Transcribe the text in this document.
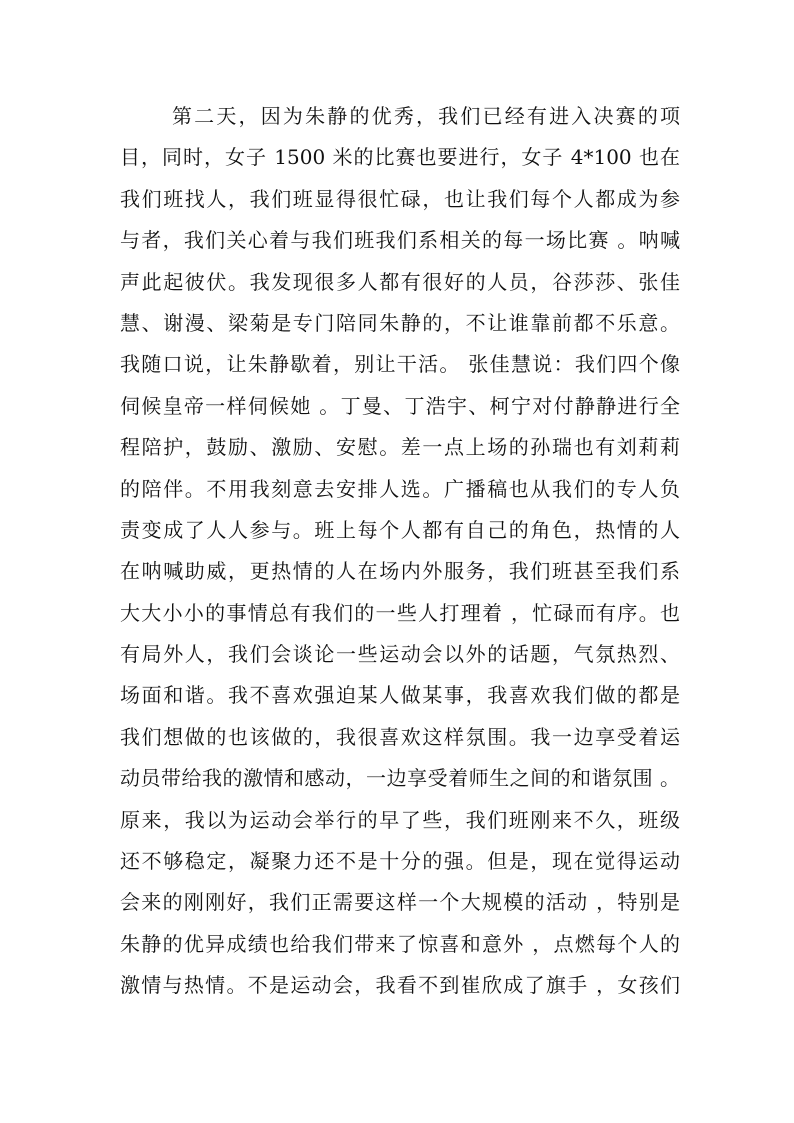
第二天，因为朱静的优秀，我们已经有进入决赛的项
目，同时，女子 1500 米的比赛也要进行，女子 4*100 也在
我们班找人，我们班显得很忙碌，也让我们每个人都成为参
与者，我们关心着与我们班我们系相关的每一场比赛 。呐喊
声此起彼伏。我发现很多人都有很好的人员，谷莎莎、张佳
慧、谢漫、梁菊是专门陪同朱静的，不让谁靠前都不乐意。
我随口说，让朱静歇着，别让干活。 张佳慧说：我们四个像
伺候皇帝一样伺候她 。丁曼、丁浩宇、柯宁对付静静进行全
程陪护，鼓励、激励、安慰。差一点上场的孙瑞也有刘莉莉
的陪伴。不用我刻意去安排人选。广播稿也从我们的专人负
责变成了人人参与。班上每个人都有自己的角色，热情的人
在呐喊助威，更热情的人在场内外服务，我们班甚至我们系
大大小小的事情总有我们的一些人打理着 ，忙碌而有序。也
有局外人，我们会谈论一些运动会以外的话题，气氛热烈、
场面和谐。我不喜欢强迫某人做某事，我喜欢我们做的都是
我们想做的也该做的，我很喜欢这样氛围。我一边享受着运
动员带给我的激情和感动，一边享受着师生之间的和谐氛围 。
原来，我以为运动会举行的早了些，我们班刚来不久，班级
还不够稳定，凝聚力还不是十分的强。但是，现在觉得运动
会来的刚刚好，我们正需要这样一个大规模的活动 ，特别是
朱静的优异成绩也给我们带来了惊喜和意外 ，点燃每个人的
激情与热情。不是运动会，我看不到崔欣成了旗手 ，女孩们
